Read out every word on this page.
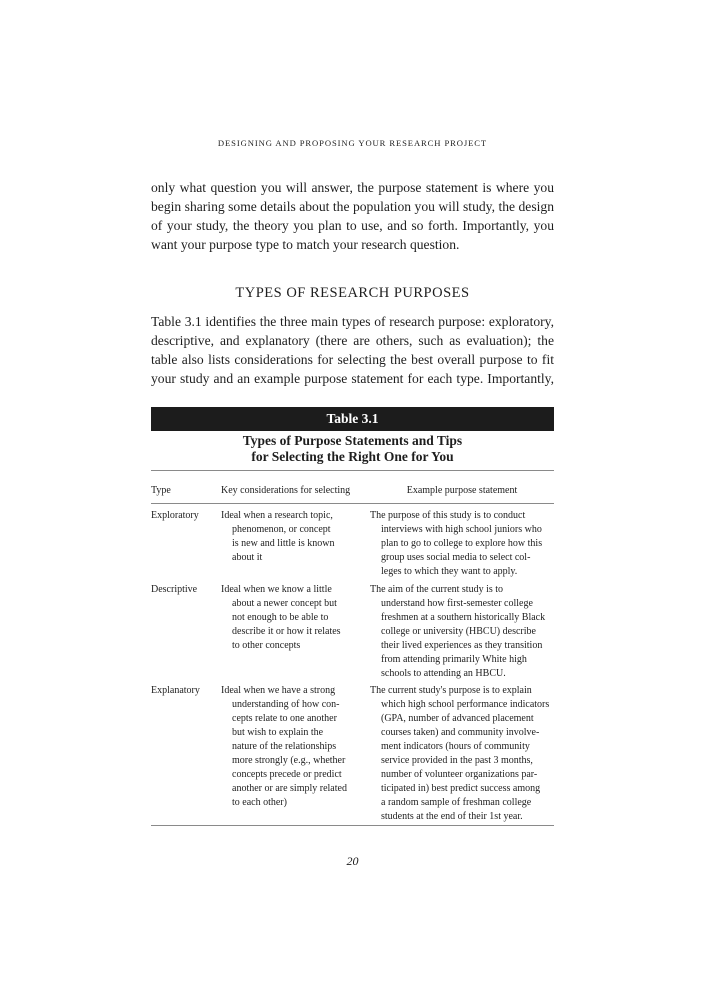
DESIGNING AND PROPOSING YOUR RESEARCH PROJECT
only what question you will answer, the purpose statement is where you
begin sharing some details about the population you will study, the design
of your study, the theory you plan to use, and so forth. Importantly, you
want your purpose type to match your research question.
TYPES OF RESEARCH PURPOSES
Table 3.1 identifies the three main types of research purpose: exploratory,
descriptive, and explanatory (there are others, such as evaluation); the
table also lists considerations for selecting the best overall purpose to fit
your study and an example purpose statement for each type. Importantly,
Table 3.1
Types of Purpose Statements and Tips
for Selecting the Right One for You
Type	Key considerations for selecting	Example purpose statement
Exploratory Ideal when a research topic,
phenomenon, or concept
is new and little is known
about it
The purpose of this study is to conduct
interviews with high school juniors who
plan to go to college to explore how this
group uses social media to select col-
leges to which they want to apply.
Descriptive Ideal when we know a little
about a newer concept but
not enough to be able to
describe it or how it relates
to other concepts
The aim of the current study is to
understand how first-semester college
freshmen at a southern historically Black
college or university (HBCU) describe
their lived experiences as they transition
from attending primarily White high
schools to attending an HBCU.
Explanatory Ideal when we have a strong
understanding of how con-
cepts relate to one another
but wish to explain the
nature of the relationships
more strongly (e.g., whether
concepts precede or predict
another or are simply related
to each other)
The current study's purpose is to explain
which high school performance indicators
(GPA, number of advanced placement
courses taken) and community involve-
ment indicators (hours of community
service provided in the past 3 months,
number of volunteer organizations par-
ticipated in) best predict success among
a random sample of freshman college
students at the end of their 1st year.
20
